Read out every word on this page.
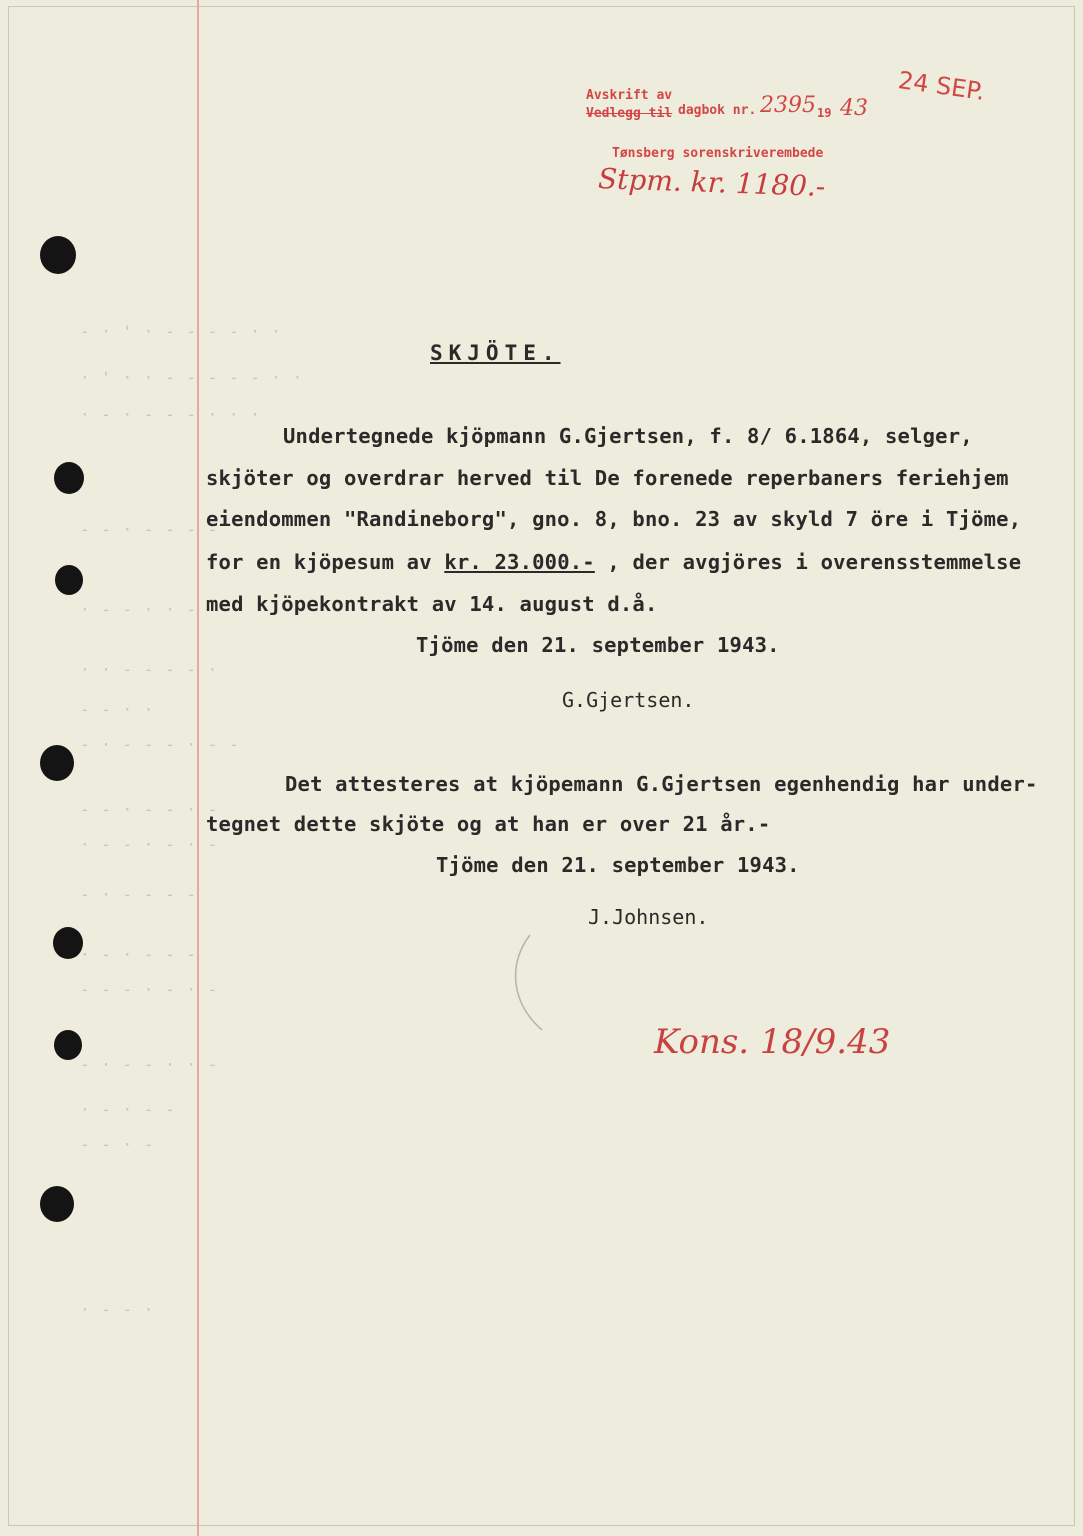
- · ' · - - - - · ·
· ' · · - - - - - · ·
· - · - - - · · ·
- - · - - - -
· - - · · -
· · - - - - ·
- - · ·
- · - - - · - -
- - · - - · -
· - - · - · -
- · - - - -
· - · - - -
- - - · - · -
- · - - · · -
· - · - -
- - · -
· - - ·
Avskrift av
Vedlegg til dagbok nr. 2395 19 43
Tønsberg sorenskriverembede
Stpm. kr. 1180.-
24 SEP.
SKJÖTE.
Undertegnede kjöpmann G.Gjertsen, f. 8/ 6.1864, selger,
skjöter og overdrar herved til De forenede reperbaners feriehjem
eiendommen "Randineborg", gno. 8, bno. 23 av skyld 7 öre i Tjöme,
for en kjöpesum av kr. 23.000.- , der avgjöres i overensstemmelse
med kjöpekontrakt av 14. august d.å.
Tjöme den 21. september 1943.
G.Gjertsen.
Det attesteres at kjöpemann G.Gjertsen egenhendig har under-
tegnet dette skjöte og at han er over 21 år.-
Tjöme den 21. september 1943.
J.Johnsen.
Kons. 18/9.43
